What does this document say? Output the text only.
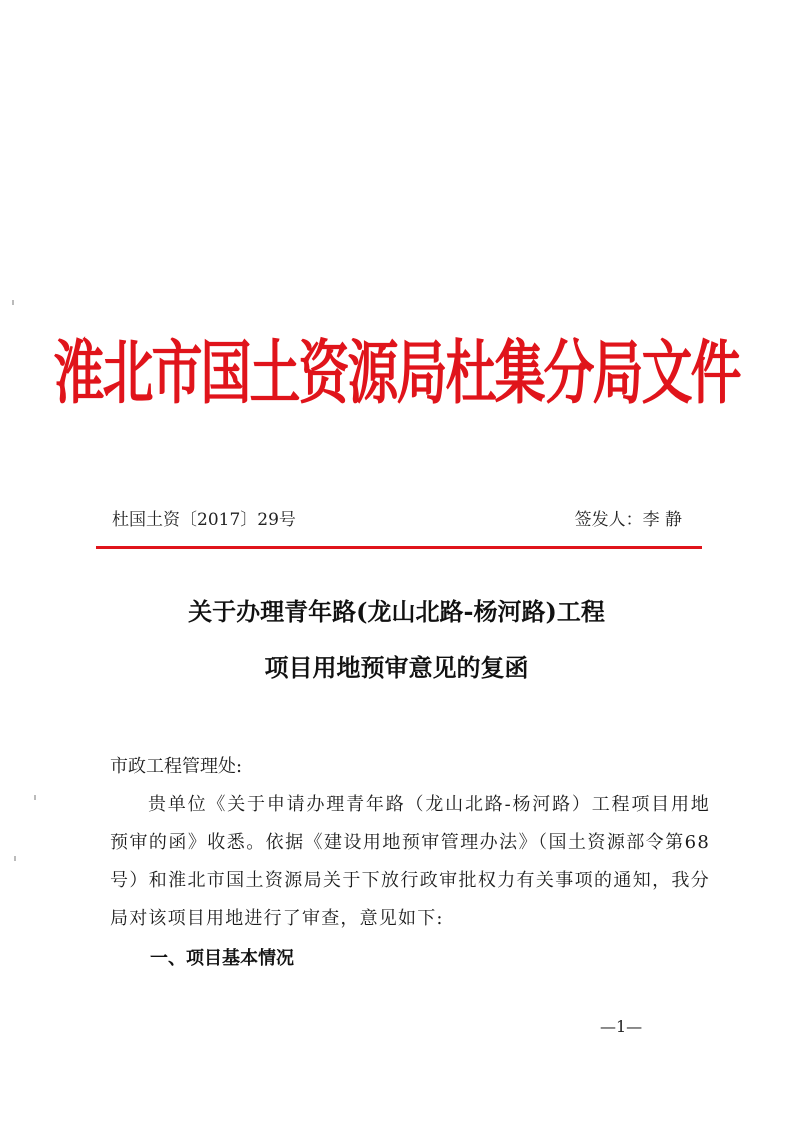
淮北市国土资源局杜集分局文件
杜国土资〔2017〕29号	签发人：李 静
关于办理青年路(龙山北路-杨河路)工程
项目用地预审意见的复函

市政工程管理处:

贵单位《关于申请办理青年路（龙山北路-杨河路）工程项目用地预审的函》收悉。依据《建设用地预审管理办法》（国土资源部令第68号）和淮北市国土资源局关于下放行政审批权力有关事项的通知，我分局对该项目用地进行了审查，意见如下:

一、项目基本情况
—1—
